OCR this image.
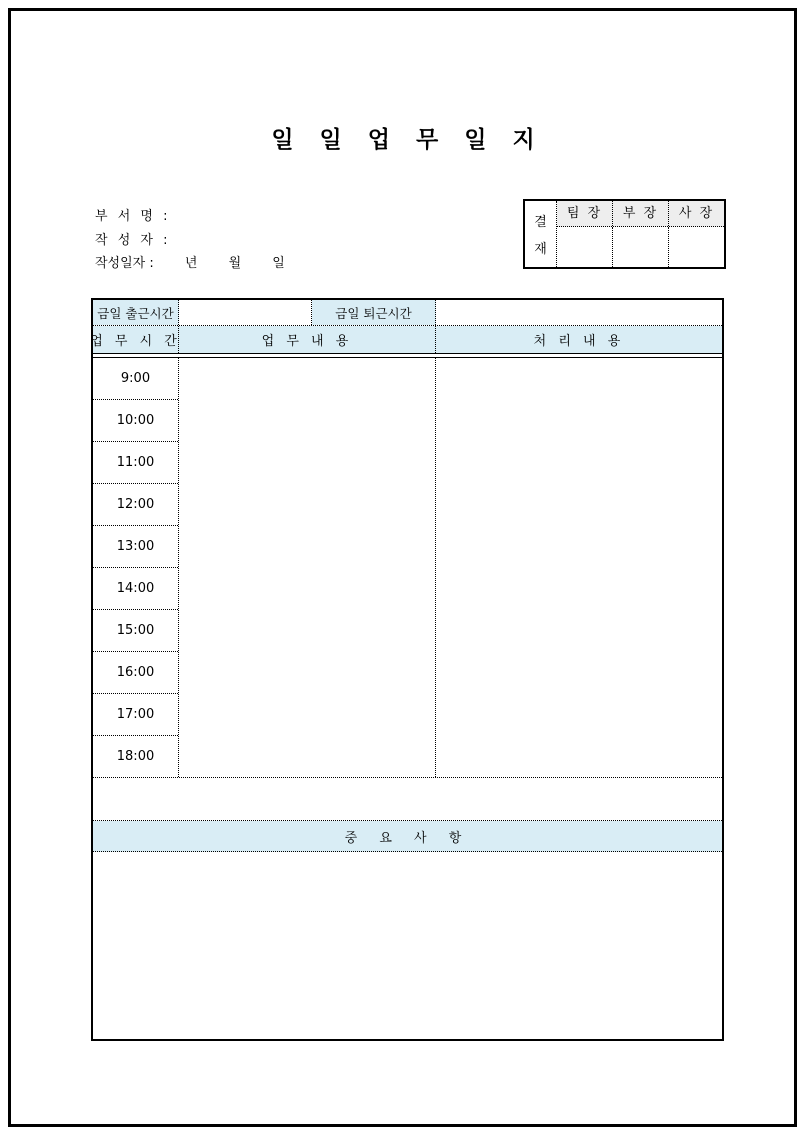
일 일 업 무 일 지
부 서 명 :
작 성 자 :
작성일자 : 년 월 일
결
재
팀 장	부 장	사 장
금일 출근시간	금일 퇴근시간
업 무 시 간	업 무 내 용	처 리 내 용
9:00
10:00
11:00
12:00
13:00
14:00
15:00
16:00
17:00
18:00
중 요 사 항
